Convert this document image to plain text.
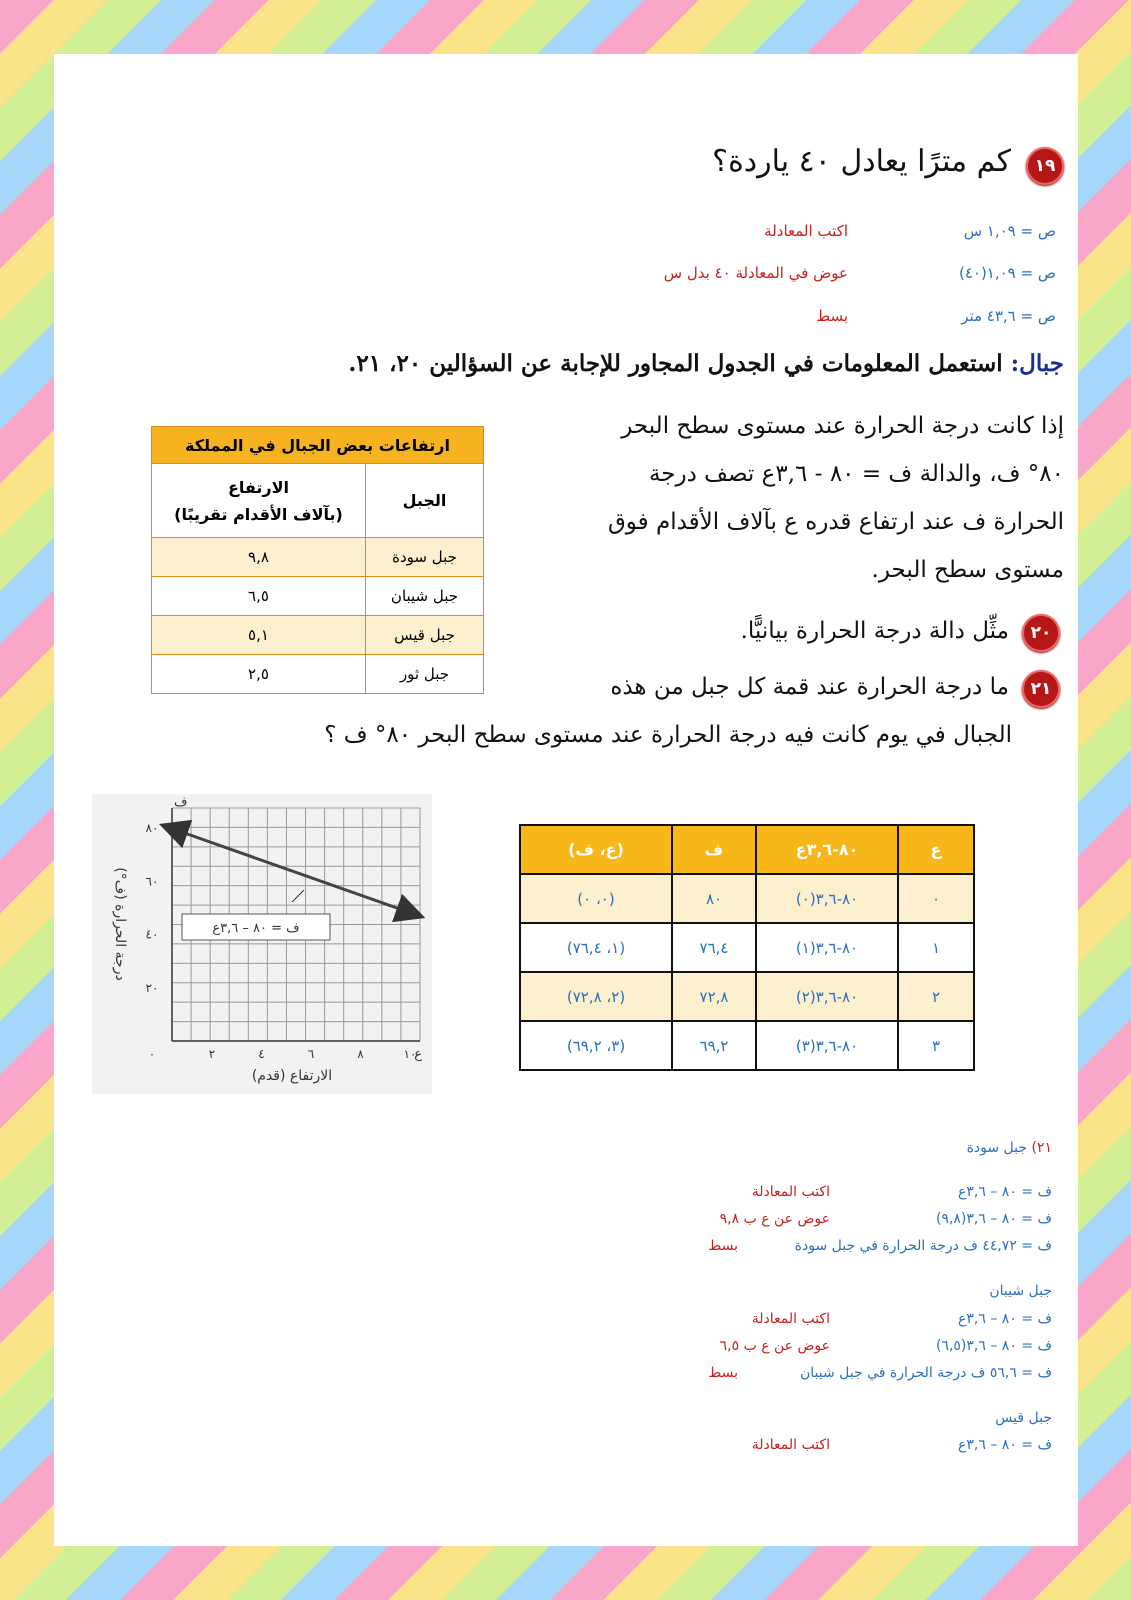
١٩ كم مترًا يعادل ٤٠ ياردة؟
ص = ١,٠٩ س
اكتب المعادلة
ص = ١,٠٩(٤٠)
عوض في المعادلة ٤٠ بدل س
ص = ٤٣,٦ متر
بسط
جبال: استعمل المعلومات في الجدول المجاور للإجابة عن السؤالين ٢٠، ٢١.
إذا كانت درجة الحرارة عند مستوى سطح البحر
٨٠° ف، والدالة ف = ٨٠ - ٣,٦ع تصف درجة
الحرارة ف عند ارتفاع قدره ع بآلاف الأقدام فوق
مستوى سطح البحر.
ارتفاعات بعض الجبال في المملكة	
الجبل	الارتفاع
(بآلاف الأقدام تقريبًا)

جبل سودة	٩,٨
جبل شيبان	٦,٥
جبل قيس	٥,١
جبل ثور	٢,٥
٢٠ مثِّل دالة درجة الحرارة بيانيًّا.
٢١ ما درجة الحرارة عند قمة كل جبل من هذه
الجبال في يوم كانت فيه درجة الحرارة عند مستوى سطح البحر ٨٠° ف ؟
٢٠
٤٠
٦٠
٨٠
٢	٤	٦	٨	١٠
ف = ٨٠ – ٣,٦ع
ف
ع
٠
الارتفاع (قدم)
درجة الحرارة (ف°)
ع	٨٠-٣,٦ع	ف	(ع، ف)
٠	٨٠-٣,٦(٠)	٨٠	(٠، ٠)
١	٨٠-٣,٦(١)	٧٦,٤	(١، ٧٦,٤)
٢	٨٠-٣,٦(٢)	٧٢,٨	(٢، ٧٢,٨)
٣	٨٠-٣,٦(٣)	٦٩,٢	(٣، ٦٩,٢)
٢١) جبل سودة
ف = ٨٠ – ٣,٦ع
اكتب المعادلة
ف = ٨٠ – ٣,٦(٩,٨)
عوض عن ع ب ٩,٨
ف = ٤٤,٧٢ ف درجة الحرارة في جبل سودة
بسط
جبل شيبان
ف = ٨٠ – ٣,٦ع
اكتب المعادلة
ف = ٨٠ – ٣,٦(٦,٥)
عوض عن ع ب ٦,٥
ف = ٥٦,٦ ف درجة الحرارة في جبل شيبان
بسط
جبل قيس
ف = ٨٠ – ٣,٦ع
اكتب المعادلة
